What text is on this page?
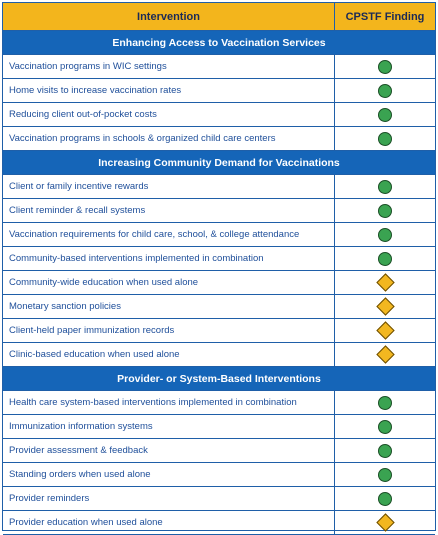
Intervention	CPSTF Finding
Enhancing Access to Vaccination Services
Vaccination programs in WIC settings
Home visits to increase vaccination rates
Reducing client out-of-pocket costs
Vaccination programs in schools & organized child care centers
Increasing Community Demand for Vaccinations
Client or family incentive rewards
Client reminder & recall systems
Vaccination requirements for child care, school, & college attendance
Community-based interventions implemented in combination
Community-wide education when used alone
Monetary sanction policies
Client-held paper immunization records
Clinic-based education when used alone
Provider- or System-Based Interventions
Health care system-based interventions implemented in combination
Immunization information systems
Provider assessment & feedback
Standing orders when used alone
Provider reminders
Provider education when used alone
